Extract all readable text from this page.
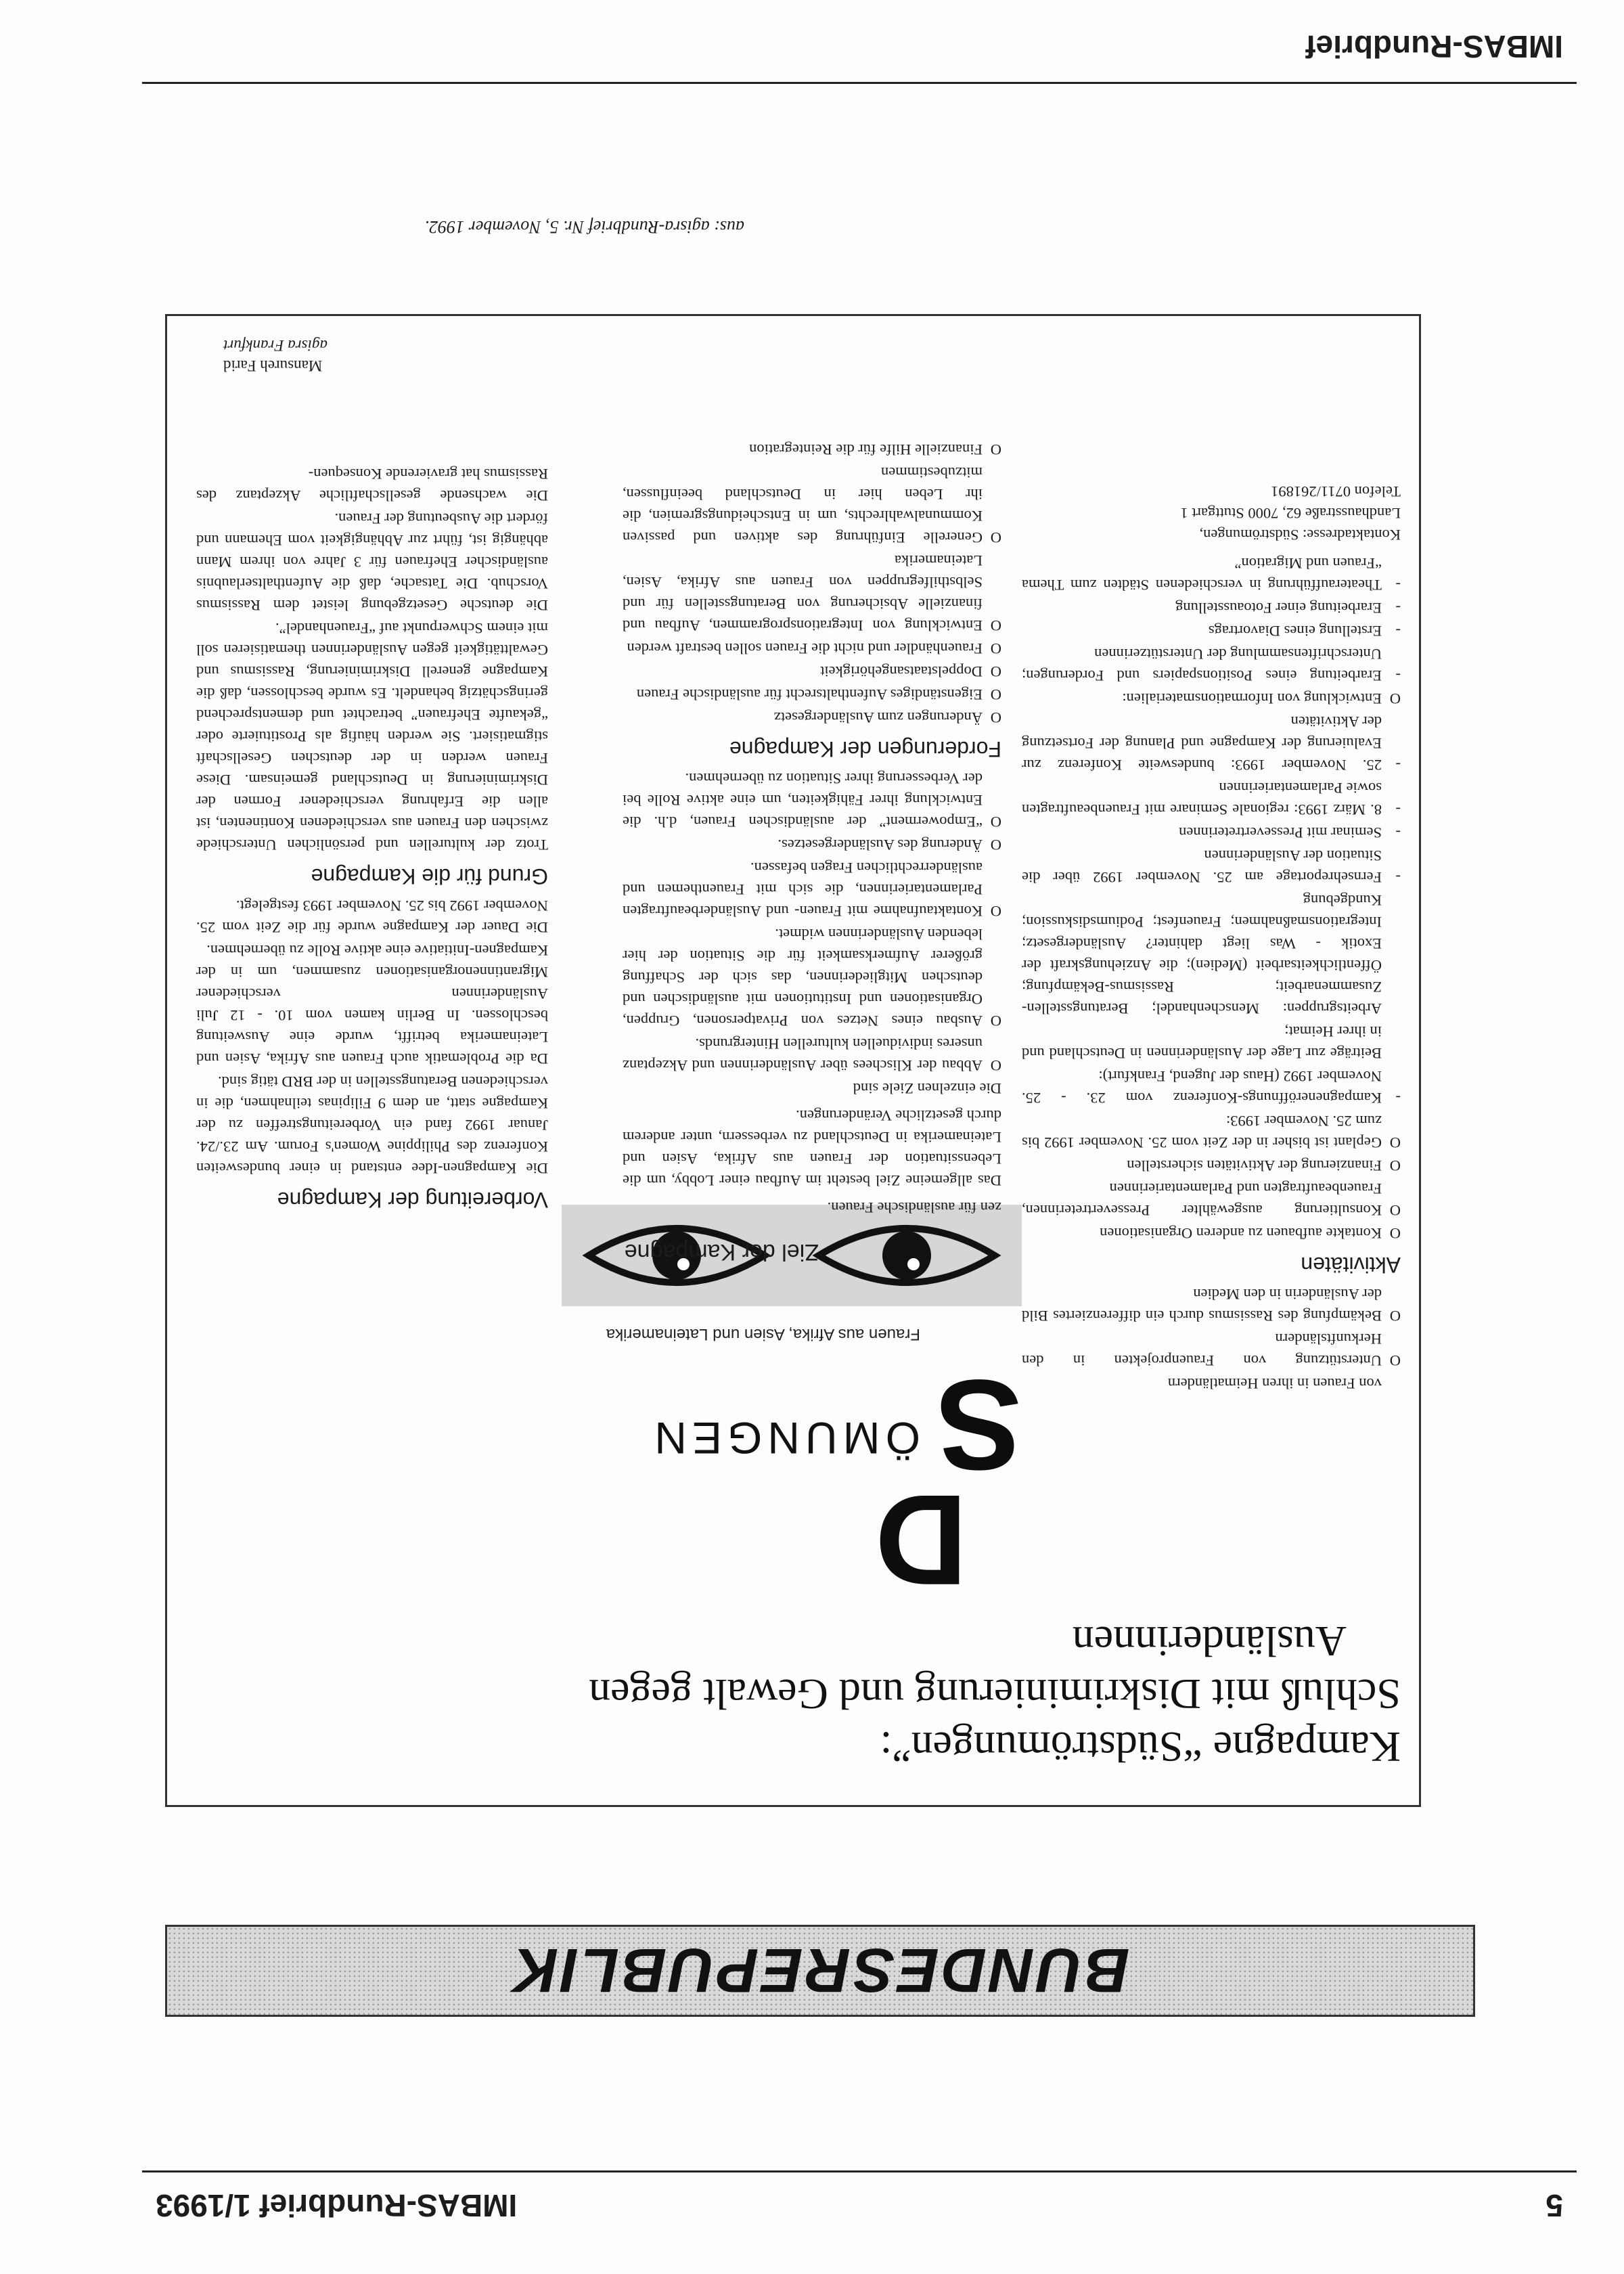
5
IMBAS-Rundbrief 1/1993
BUNDESREPUBLIK
Kampagne “Südströmungen”:
Schluß mit Diskriminierung und Gewalt gegen
Ausländerinnen
D
S
ÖMUNGEN
Frauen aus Afrika, Asien und Lateinamerika
von Frauen in ihren Heimatländern
OUnterstützung von Frauenprojekten in den Herkunftsländern
OBekämpfung des Rassismus durch ein differenziertes Bild der Ausländerin in den Medien
Aktivitäten
OKontakte aufbauen zu anderen Organisationen
OKonsultierung ausgewählter Pressevertreterinnen, Frauenbeauftragten und Parlamentarierinnen
OFinanzierung der Aktivitäten sicherstellen
OGeplant ist bisher in der Zeit vom 25. November 1992 bis zum 25. November 1993:
-Kampagneneröffnungs-Konferenz vom 23. - 25. November 1992 (Haus der Jugend, Frankfurt):
Beiträge zur Lage der Ausländerinnen in Deutschland und in ihrer Heimat;
Arbeitsgruppen: Menschenhandel; Beratungsstellen-Zusammenarbeit; Rassismus-Bekämpfung; Öffentlichkeitsarbeit (Medien); die Anziehungskraft der Exotik - Was liegt dahinter? Ausländergesetz; Integrationsmaßnahmen; Frauenfest; Podiumsdiskussion; Kundgebung
-Fernsehreportage am 25. November 1992 über die Situation der Ausländerinnen
-Seminar mit Pressevertreterinnen
-8. März 1993: regionale Seminare mit Frauenbeauftragten sowie Parlamentarierinnen
-25. November 1993: bundesweite Konferenz zur Evaluierung der Kampagne und Planung der Fortsetzung der Aktivitäten
OEntwicklung von Informationsmaterialien:
-Erarbeitung eines Positionspapiers und Forderungen; Unterschriftensammlung der Unterstützerinnen
-Erstellung eines Diavortrags
-Erarbeitung einer Fotoausstellung
-Theateraufführung in verschiedenen Städten zum Thema “Frauen und Migration”

Kontaktadresse: Südströmungen,
Landhausstraße 62, 7000 Stuttgart 1
Telefon 0711/261891

zen für ausländische Frauen.

Das allgemeine Ziel besteht im Aufbau einer Lobby, um die Lebenssituation der Frauen aus Afrika, Asien und Lateinamerika in Deutschland zu verbessern, unter anderem durch gesetzliche Veränderungen.

Die einzelnen Ziele sind

OAbbau der Klischees über Ausländerinnen und Akzeptanz unseres individuellen kulturellen Hintergrunds.
OAusbau eines Netzes von Privatpersonen, Gruppen, Organisationen und Institutionen mit ausländischen und deutschen Mitgliederinnen, das sich der Schaffung größerer Aufmerksamkeit für die Situation der hier lebenden Ausländerinnen widmet.
OKontaktaufnahme mit Frauen- und Ausländerbeauftragten Parlamentarierinnen, die sich mit Frauenthemen und ausländerrechtlichen Fragen befassen.
OÄnderung des Ausländergesetzes.
O“Empowerment” der ausländischen Frauen, d.h. die Entwicklung ihrer Fähigkeiten, um eine aktive Rolle bei der Verbesserung ihrer Situation zu übernehmen.
Forderungen der Kampagne
OÄnderungen zum Ausländergesetz
OEigenständiges Aufenthaltsrecht für ausländische Frauen
ODoppelstaatsangehörigkeit
OFrauenhändler und nicht die Frauen sollen bestraft werden
OEntwicklung von Integrationsprogrammen, Aufbau und finanzielle Absicherung von Beratungsstellen für und Selbsthilfegruppen von Frauen aus Afrika, Asien, Lateinamerika
OGenerelle Einführung des aktiven und passiven Kommunalwahlrechts, um in Entscheidungsgremien, die ihr Leben hier in Deutschland beeinflussen, mitzubestimmen
OFinanzielle Hilfe für die Reintegration
Ziel der Kampagne
Vorbereitung der Kampagne

Die Kampagnen-Idee entstand in einer bundesweiten Konferenz des Philippine Women's Forum. Am 23./24. Januar 1992 fand ein Vorbereitungstreffen zu der Kampagne statt, an dem 9 Filipinas teilnahmen, die in verschiedenen Beratungsstellen in der BRD tätig sind.

Da die Problematik auch Frauen aus Afrika, Asien und Lateinamerika betrifft, wurde eine Ausweitung beschlossen. In Berlin kamen vom 10. - 12 Juli Ausländerinnen verschiedener Migrantinnenorganisationen zusammen, um in der Kampagnen-Initiative eine aktive Rolle zu übernehmen.

Die Dauer der Kampagne wurde für die Zeit vom 25. November 1992 bis 25. November 1993 festgelegt.

Grund für die Kampagne

Trotz der kulturellen und persönlichen Unterschiede zwischen den Frauen aus verschiedenen Kontinenten, ist allen die Erfahrung verschiedener Formen der Diskriminierung in Deutschland gemeinsam. Diese Frauen werden in der deutschen Gesellschaft stigmatisiert. Sie werden häufig als Prostituierte oder “gekaufte Ehefrauen” betrachtet und dementsprechend geringschätzig behandelt. Es wurde beschlossen, daß die Kampagne generell Diskriminierung, Rassismus und Gewalttätigkeit gegen Ausländerinnen thematisieren soll mit einem Schwerpunkt auf “Frauenhandel”.

Die deutsche Gesetzgebung leistet dem Rassismus Vorschub. Die Tatsache, daß die Aufenthaltserlaubnis ausländischer Ehefrauen für 3 Jahre von ihrem Mann abhängig ist, führt zur Abhängigkeit vom Ehemann und fördert die Ausbeutung der Frauen.

Die wachsende gesellschaftliche Akzeptanz des Rassismus hat gravierende Konsequen-

Mansureh Farid
agisra Frankfurt
aus: agisra-Rundbrief Nr. 5, November 1992.
IMBAS-Rundbrief
